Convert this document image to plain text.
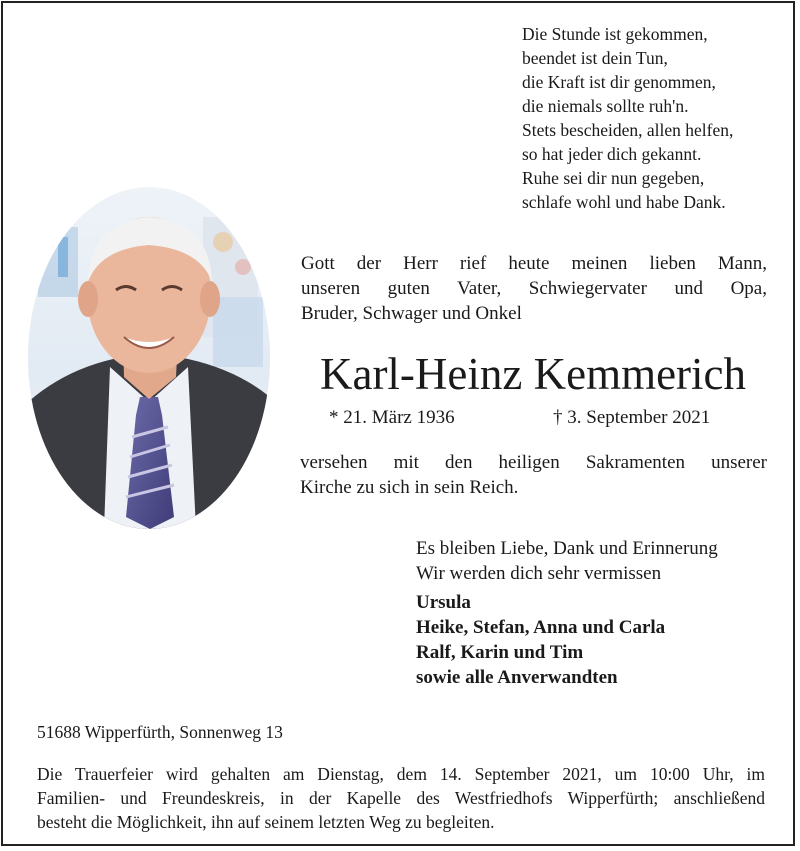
Die Stunde ist gekommen,
beendet ist dein Tun,
die Kraft ist dir genommen,
die niemals sollte ruh'n.
Stets bescheiden, allen helfen,
so hat jeder dich gekannt.
Ruhe sei dir nun gegeben,
schlafe wohl und habe Dank.
Gott der Herr rief heute meinen lieben Mann,
unseren guten Vater, Schwiegervater und Opa,
Bruder, Schwager und Onkel
Karl-Heinz Kemmerich
* 21. März 1936	† 3. September 2021
versehen mit den heiligen Sakramenten unserer
Kirche zu sich in sein Reich.
Es bleiben Liebe, Dank und Erinnerung
Wir werden dich sehr vermissen
Ursula
Heike, Stefan, Anna und Carla
Ralf, Karin und Tim
sowie alle Anverwandten
51688 Wipperfürth, Sonnenweg 13
Die Trauerfeier wird gehalten am Dienstag, dem 14. September 2021, um 10:00 Uhr, im
Familien- und Freundeskreis, in der Kapelle des Westfriedhofs Wipperfürth; anschließend
besteht die Möglichkeit, ihn auf seinem letzten Weg zu begleiten.
